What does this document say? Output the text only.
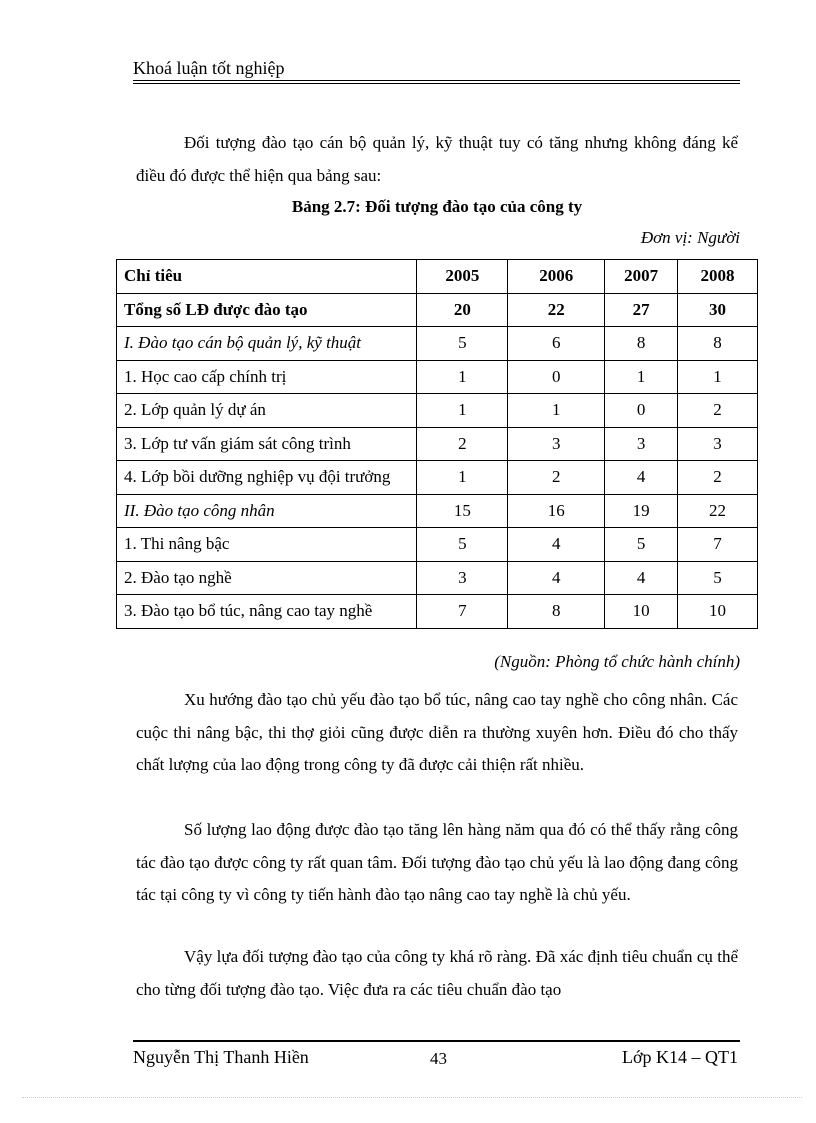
Khoá luận tốt nghiệp
Đối tượng đào tạo cán bộ quản lý, kỹ thuật tuy có tăng nhưng không đáng kể điều đó được thể hiện qua bảng sau:
Bảng 2.7: Đối tượng đào tạo của công ty
Đơn vị: Người
Chỉ tiêu	2005	2006	2007	2008
Tổng số LĐ được đào tạo	20	22	27	30
I. Đào tạo cán bộ quản lý, kỹ thuật	5	6	8	8
1. Học cao cấp chính trị	1	0	1	1
2. Lớp quản lý dự án	1	1	0	2
3. Lớp tư vấn giám sát công trình	2	3	3	3
4. Lớp bồi dưỡng nghiệp vụ đội trưởng	1	2	4	2
II. Đào tạo công nhân	15	16	19	22
1. Thi nâng bậc	5	4	5	7
2. Đào tạo nghề	3	4	4	5
3. Đào tạo bổ túc, nâng cao tay nghề	7	8	10	10
(Nguồn: Phòng tổ chức hành chính)
Xu hướng đào tạo chủ yếu đào tạo bổ túc, nâng cao tay nghề cho công nhân. Các cuộc thi nâng bậc, thi thợ giỏi cũng được diễn ra thường xuyên hơn. Điều đó cho thấy chất lượng của lao động trong công ty đã được cải thiện rất nhiều.
Số lượng lao động được đào tạo tăng lên hàng năm qua đó có thể thấy rằng công tác đào tạo được công ty rất quan tâm. Đối tượng đào tạo chủ yếu là lao động đang công tác tại công ty vì công ty tiến hành đào tạo nâng cao tay nghề là chủ yếu.
Vậy lựa đối tượng đào tạo của công ty khá rõ ràng. Đã xác định tiêu chuẩn cụ thể cho từng đối tượng đào tạo. Việc đưa ra các tiêu chuẩn đào tạo
Nguyễn Thị Thanh Hiền	43	Lớp K14 – QT1
